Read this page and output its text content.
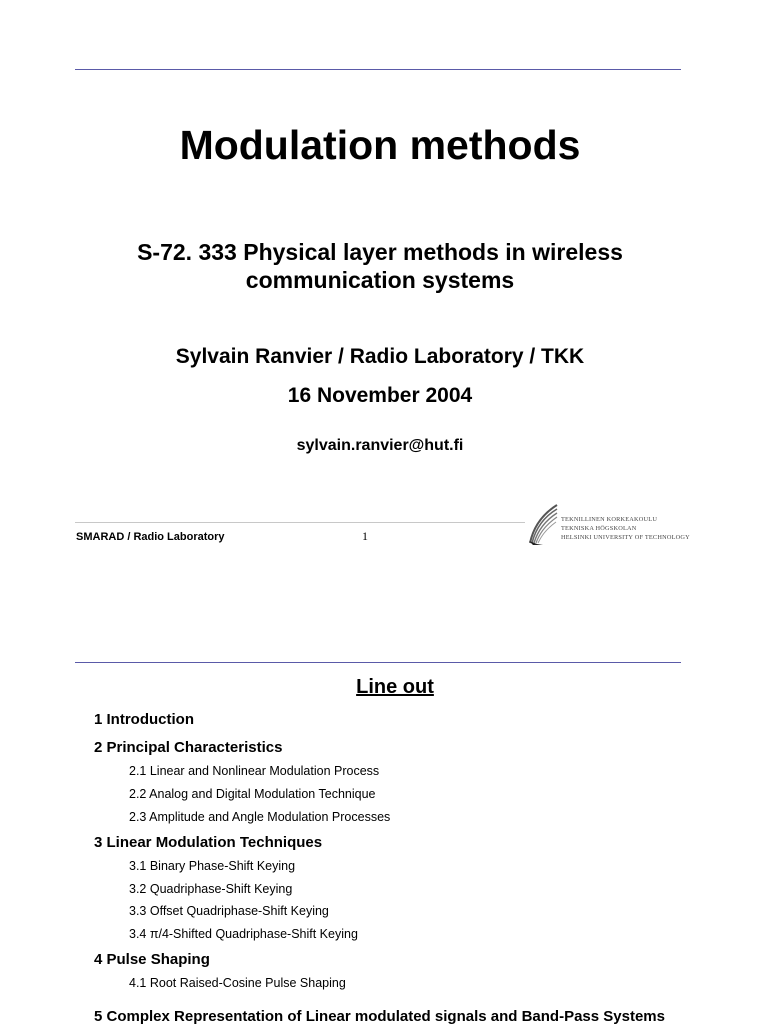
Modulation methods
S-72. 333 Physical layer methods in wireless
communication systems
Sylvain Ranvier / Radio Laboratory / TKK
16 November 2004
sylvain.ranvier@hut.fi
SMARAD / Radio Laboratory	1
TEKNILLINEN KORKEAKOULU
TEKNISKA HÖGSKOLAN
HELSINKI UNIVERSITY OF TECHNOLOGY
Line out
1 Introduction
2 Principal Characteristics
2.1 Linear and Nonlinear Modulation Process
2.2 Analog and Digital Modulation Technique
2.3 Amplitude and Angle Modulation Processes
3 Linear Modulation Techniques
3.1 Binary Phase-Shift Keying
3.2 Quadriphase-Shift Keying
3.3 Offset Quadriphase-Shift Keying
3.4 π/4-Shifted Quadriphase-Shift Keying
4 Pulse Shaping
4.1 Root Raised-Cosine Pulse Shaping
5 Complex Representation of Linear modulated signals and Band-Pass Systems
